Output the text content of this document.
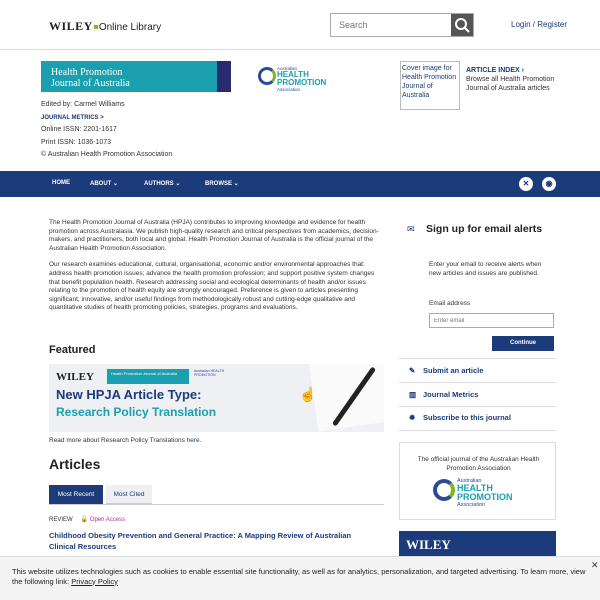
WILEY Online Library
Search	Login / Register
Health Promotion
Journal of Australia
Australian
HEALTH
PROMOTION
Association
Cover image for Health Promotion Journal of Australia
ARTICLE INDEX ›
Browse all Health Promotion Journal of Australia articles
Edited by: Carmel Williams
JOURNAL METRICS >
Online ISSN: 2201-1617
Print ISSN: 1036-1073
© Australian Health Promotion Association
HOME	ABOUT ⌄	AUTHORS ⌄	BROWSE ⌄	✕	◉

The Health Promotion Journal of Australia (HPJA) contributes to improving knowledge and evidence for health promotion across Australasia. We publish high-quality research and critical perspectives from academics, decision-makers, and practitioners, both local and global. Health Promotion Journal of Australia is the official journal of the Australian Health Promotion Association.

Our research examines educational, cultural, organisational, economic and/or environmental approaches that: address health promotion issues; advance the health promotion profession; and support positive system changes that benefit population health. Research addressing social and ecological determinants of health and/or issues relating to the promotion of health equity are strongly encouraged. Preference is given to articles presenting significant, innovative, and/or useful findings from methodologically robust and cutting-edge qualitative and quantitative studies of health promoting policies, strategies, programs and evaluations.

Featured
☝
WILEY	Health Promotion Journal of Australia	Australian HEALTH PROMOTION
New HPJA Article Type:
Research Policy Translation
Read more about Research Policy Translations here.
Articles
Most Recent	Most Cited
REVIEW 🔓 Open Access
Childhood Obesity Prevention and General Practice: A Mapping Review of Australian Clinical Resources
✉ Sign up for email alerts
Enter your email to receive alerts when new articles and issues are published.
Email address
Enter email
Continue
✎ Submit an article
▥ Journal Metrics
✹ Subscribe to this journal
The official journal of the Australian Health Promotion Association
Australian
HEALTH
PROMOTION
Association
WILEY
This website utilizes technologies such as cookies to enable essential site functionality, as well as for analytics, personalization, and targeted advertising. To learn more, view the following link: Privacy Policy
✕
